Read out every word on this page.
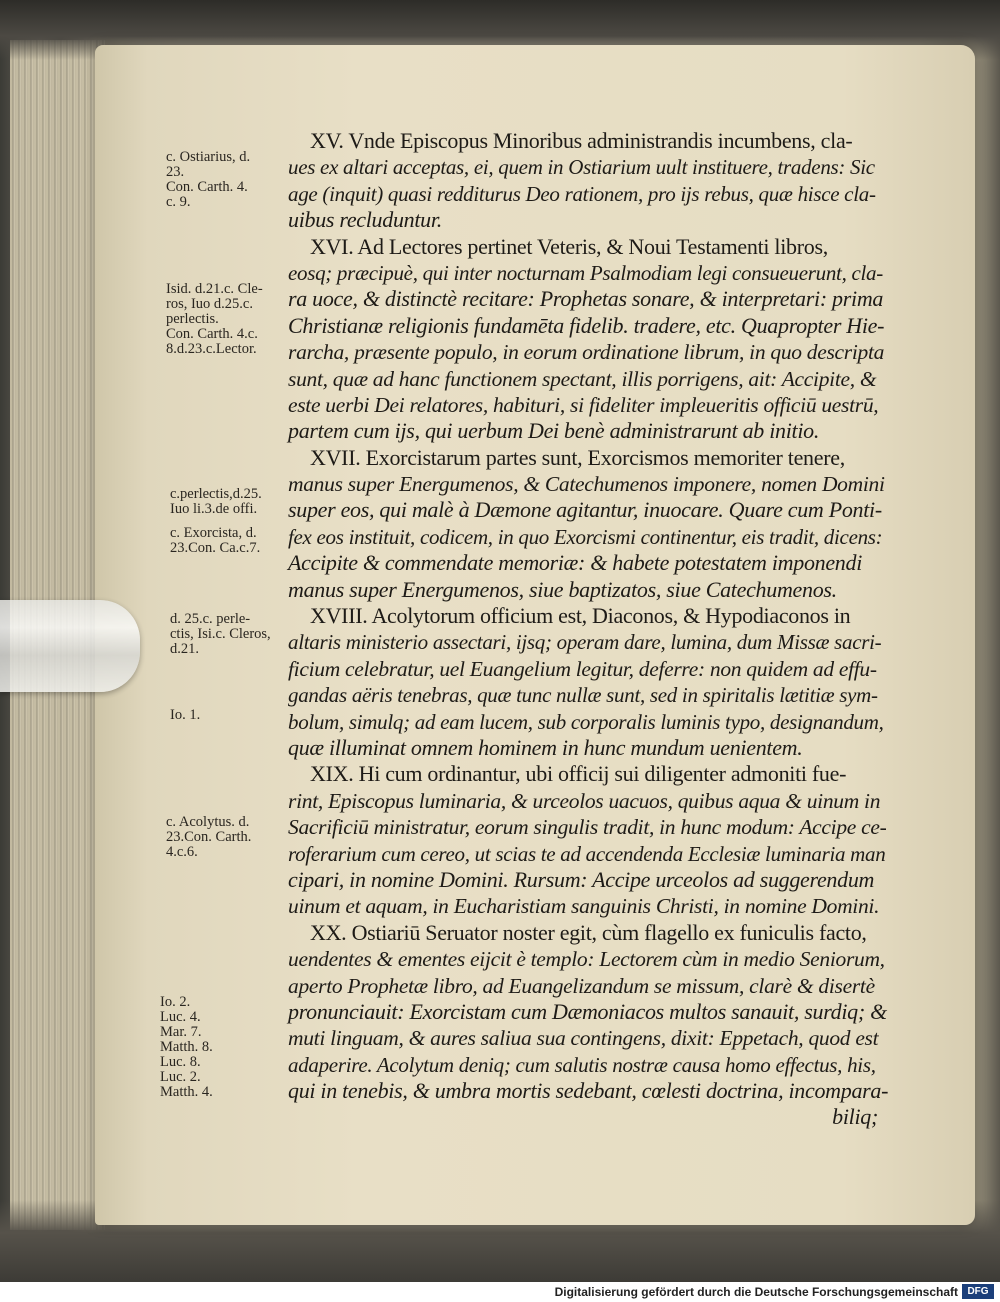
c. Ostiarius, d.
23.
Con. Carth. 4.
c. 9.
Isid. d.21.c. Cle-
ros, Iuo d.25.c.
perlectis.
Con. Carth. 4.c.
8.d.23.c.Lector.
c.perlectis,d.25.
Iuo li.3.de offi.
c. Exorcista, d.
23.Con. Ca.c.7.
d. 25.c. perle-
ctis, Isi.c. Cleros,
d.21.
Io. 1.
c. Acolytus. d.
23.Con. Carth.
4.c.6.
Io. 2.
Luc. 4.
Mar. 7.
Matth. 8.
Luc. 8.
Luc. 2.
Matth. 4.
XV. Vnde Episcopus Minoribus administrandis incumbens, cla-
ues ex altari acceptas, ei, quem in Ostiarium uult instituere, tradens: Sic
age (inquit) quasi redditurus Deo rationem, pro ijs rebus, quæ hisce cla-
uibus recluduntur.
XVI. Ad Lectores pertinet Veteris, & Noui Testamenti libros,
eosq; præcipuè, qui inter nocturnam Psalmodiam legi consueuerunt, cla-
ra uoce, & distinctè recitare: Prophetas sonare, & interpretari: prima
Christianæ religionis fundamēta fidelib. tradere, etc. Quapropter Hie-
rarcha, præsente populo, in eorum ordinatione librum, in quo descripta
sunt, quæ ad hanc functionem spectant, illis porrigens, ait: Accipite, &
este uerbi Dei relatores, habituri, si fideliter impleueritis officiū uestrū,
partem cum ijs, qui uerbum Dei benè administrarunt ab initio.
XVII. Exorcistarum partes sunt, Exorcismos memoriter tenere,
manus super Energumenos, & Catechumenos imponere, nomen Domini
super eos, qui malè à Dæmone agitantur, inuocare. Quare cum Ponti-
fex eos instituit, codicem, in quo Exorcismi continentur, eis tradit, dicens:
Accipite & commendate memoriæ: & habete potestatem imponendi
manus super Energumenos, siue baptizatos, siue Catechumenos.
XVIII. Acolytorum officium est, Diaconos, & Hypodiaconos in
altaris ministerio assectari, ijsq; operam dare, lumina, dum Missæ sacri-
ficium celebratur, uel Euangelium legitur, deferre: non quidem ad effu-
gandas aëris tenebras, quæ tunc nullæ sunt, sed in spiritalis lætitiæ sym-
bolum, simulq; ad eam lucem, sub corporalis luminis typo, designandum,
quæ illuminat omnem hominem in hunc mundum uenientem.
XIX. Hi cum ordinantur, ubi officij sui diligenter admoniti fue-
rint, Episcopus luminaria, & urceolos uacuos, quibus aqua & uinum in
Sacrificiū ministratur, eorum singulis tradit, in hunc modum: Accipe ce-
roferarium cum cereo, ut scias te ad accendenda Ecclesiæ luminaria man
cipari, in nomine Domini. Rursum: Accipe urceolos ad suggerendum
uinum et aquam, in Eucharistiam sanguinis Christi, in nomine Domini.
XX. Ostiariū Seruator noster egit, cùm flagello ex funiculis facto,
uendentes & ementes eijcit è templo: Lectorem cùm in medio Seniorum,
aperto Prophetæ libro, ad Euangelizandum se missum, clarè & disertè
pronunciauit: Exorcistam cum Dæmoniacos multos sanauit, surdiq; &
muti linguam, & aures saliua sua contingens, dixit: Eppetach, quod est
adaperire. Acolytum deniq; cum salutis nostræ causa homo effectus, his,
qui in tenebis, & umbra mortis sedebant, cœlesti doctrina, incompara-
biliq;
Digitalisierung gefördert durch die Deutsche Forschungsgemeinschaft DFG
